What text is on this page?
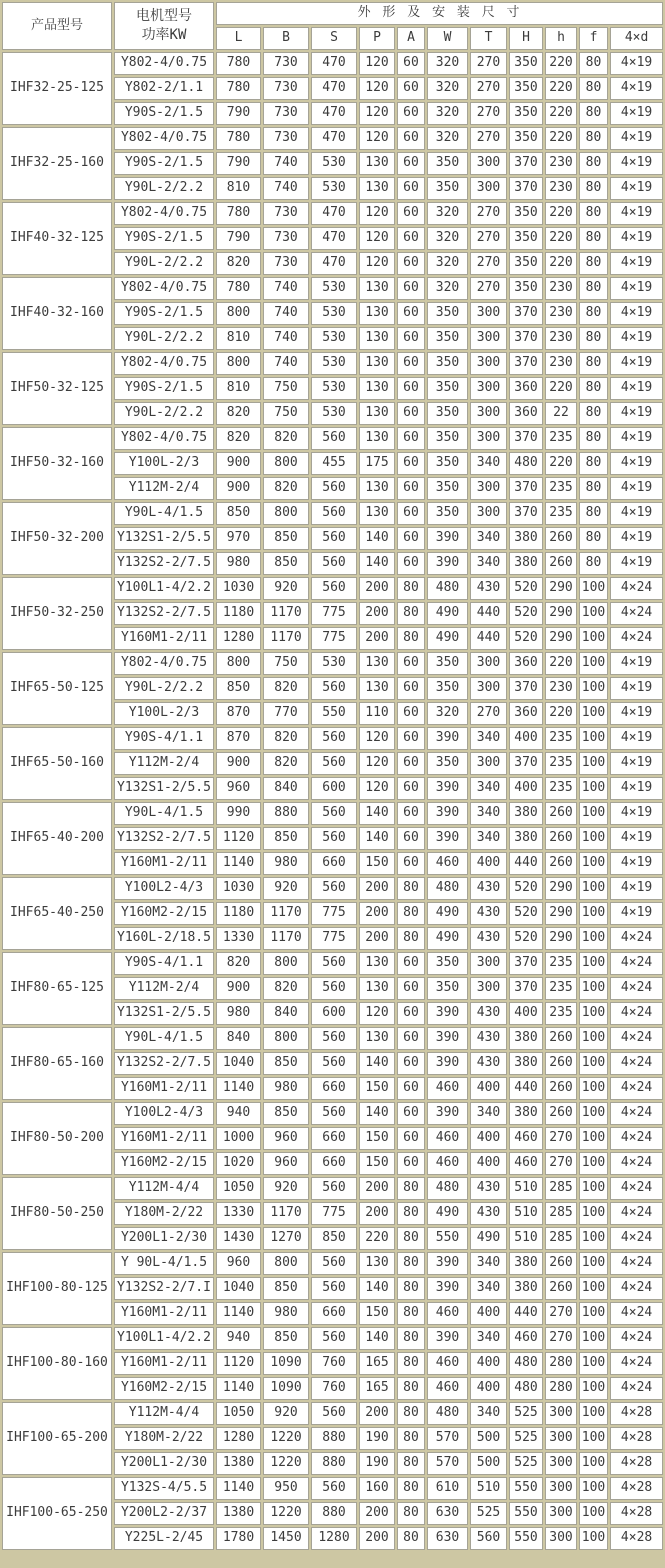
产品型号	电机型号
功率KW	外 形 及 安 装 尺 寸										
		L	B	S	P	A	W	T	H	h	f	4×d
IHF32-25-125	Y802-4/0.75	780	730	470	120	60	320	270	350	220	80	4×19
	Y802-2/1.1	780	730	470	120	60	320	270	350	220	80	4×19
	Y90S-2/1.5	790	730	470	120	60	320	270	350	220	80	4×19
IHF32-25-160	Y802-4/0.75	780	730	470	120	60	320	270	350	220	80	4×19
	Y90S-2/1.5	790	740	530	130	60	350	300	370	230	80	4×19
	Y90L-2/2.2	810	740	530	130	60	350	300	370	230	80	4×19
IHF40-32-125	Y802-4/0.75	780	730	470	120	60	320	270	350	220	80	4×19
	Y90S-2/1.5	790	730	470	120	60	320	270	350	220	80	4×19
	Y90L-2/2.2	820	730	470	120	60	320	270	350	220	80	4×19
IHF40-32-160	Y802-4/0.75	780	740	530	130	60	320	270	350	230	80	4×19
	Y90S-2/1.5	800	740	530	130	60	350	300	370	230	80	4×19
	Y90L-2/2.2	810	740	530	130	60	350	300	370	230	80	4×19
IHF50-32-125	Y802-4/0.75	800	740	530	130	60	350	300	370	230	80	4×19
	Y90S-2/1.5	810	750	530	130	60	350	300	360	220	80	4×19
	Y90L-2/2.2	820	750	530	130	60	350	300	360	22	80	4×19
IHF50-32-160	Y802-4/0.75	820	820	560	130	60	350	300	370	235	80	4×19
	Y100L-2/3	900	800	455	175	60	350	340	480	220	80	4×19
	Y112M-2/4	900	820	560	130	60	350	300	370	235	80	4×19
IHF50-32-200	Y90L-4/1.5	850	800	560	130	60	350	300	370	235	80	4×19
	Y132S1-2/5.5	970	850	560	140	60	390	340	380	260	80	4×19
	Y132S2-2/7.5	980	850	560	140	60	390	340	380	260	80	4×19
IHF50-32-250	Y100L1-4/2.2	1030	920	560	200	80	480	430	520	290	100	4×24
	Y132S2-2/7.5	1180	1170	775	200	80	490	440	520	290	100	4×24
	Y160M1-2/11	1280	1170	775	200	80	490	440	520	290	100	4×24
IHF65-50-125	Y802-4/0.75	800	750	530	130	60	350	300	360	220	100	4×19
	Y90L-2/2.2	850	820	560	130	60	350	300	370	230	100	4×19
	Y100L-2/3	870	770	550	110	60	320	270	360	220	100	4×19
IHF65-50-160	Y90S-4/1.1	870	820	560	120	60	390	340	400	235	100	4×19
	Y112M-2/4	900	820	560	120	60	350	300	370	235	100	4×19
	Y132S1-2/5.5	960	840	600	120	60	390	340	400	235	100	4×19
IHF65-40-200	Y90L-4/1.5	990	880	560	140	60	390	340	380	260	100	4×19
	Y132S2-2/7.5	1120	850	560	140	60	390	340	380	260	100	4×19
	Y160M1-2/11	1140	980	660	150	60	460	400	440	260	100	4×19
IHF65-40-250	Y100L2-4/3	1030	920	560	200	80	480	430	520	290	100	4×19
	Y160M2-2/15	1180	1170	775	200	80	490	430	520	290	100	4×19
	Y160L-2/18.5	1330	1170	775	200	80	490	430	520	290	100	4×24
IHF80-65-125	Y90S-4/1.1	820	800	560	130	60	350	300	370	235	100	4×24
	Y112M-2/4	900	820	560	130	60	350	300	370	235	100	4×24
	Y132S1-2/5.5	980	840	600	120	60	390	430	400	235	100	4×24
IHF80-65-160	Y90L-4/1.5	840	800	560	130	60	390	430	380	260	100	4×24
	Y132S2-2/7.5	1040	850	560	140	60	390	430	380	260	100	4×24
	Y160M1-2/11	1140	980	660	150	60	460	400	440	260	100	4×24
IHF80-50-200	Y100L2-4/3	940	850	560	140	60	390	340	380	260	100	4×24
	Y160M1-2/11	1000	960	660	150	60	460	400	460	270	100	4×24
	Y160M2-2/15	1020	960	660	150	60	460	400	460	270	100	4×24
IHF80-50-250	Y112M-4/4	1050	920	560	200	80	480	430	510	285	100	4×24
	Y180M-2/22	1330	1170	775	200	80	490	430	510	285	100	4×24
	Y200L1-2/30	1430	1270	850	220	80	550	490	510	285	100	4×24
IHF100-80-125	Y 90L-4/1.5	960	800	560	130	80	390	340	380	260	100	4×24
	Y132S2-2/7.I	1040	850	560	140	80	390	340	380	260	100	4×24
	Y160M1-2/11	1140	980	660	150	80	460	400	440	270	100	4×24
IHF100-80-160	Y100L1-4/2.2	940	850	560	140	80	390	340	460	270	100	4×24
	Y160M1-2/11	1120	1090	760	165	80	460	400	480	280	100	4×24
	Y160M2-2/15	1140	1090	760	165	80	460	400	480	280	100	4×24
IHF100-65-200	Y112M-4/4	1050	920	560	200	80	480	340	525	300	100	4×28
	Y180M-2/22	1280	1220	880	190	80	570	500	525	300	100	4×28
	Y200L1-2/30	1380	1220	880	190	80	570	500	525	300	100	4×28
IHF100-65-250	Y132S-4/5.5	1140	950	560	160	80	610	510	550	300	100	4×28
	Y200L2-2/37	1380	1220	880	200	80	630	525	550	300	100	4×28
	Y225L-2/45	1780	1450	1280	200	80	630	560	550	300	100	4×28
